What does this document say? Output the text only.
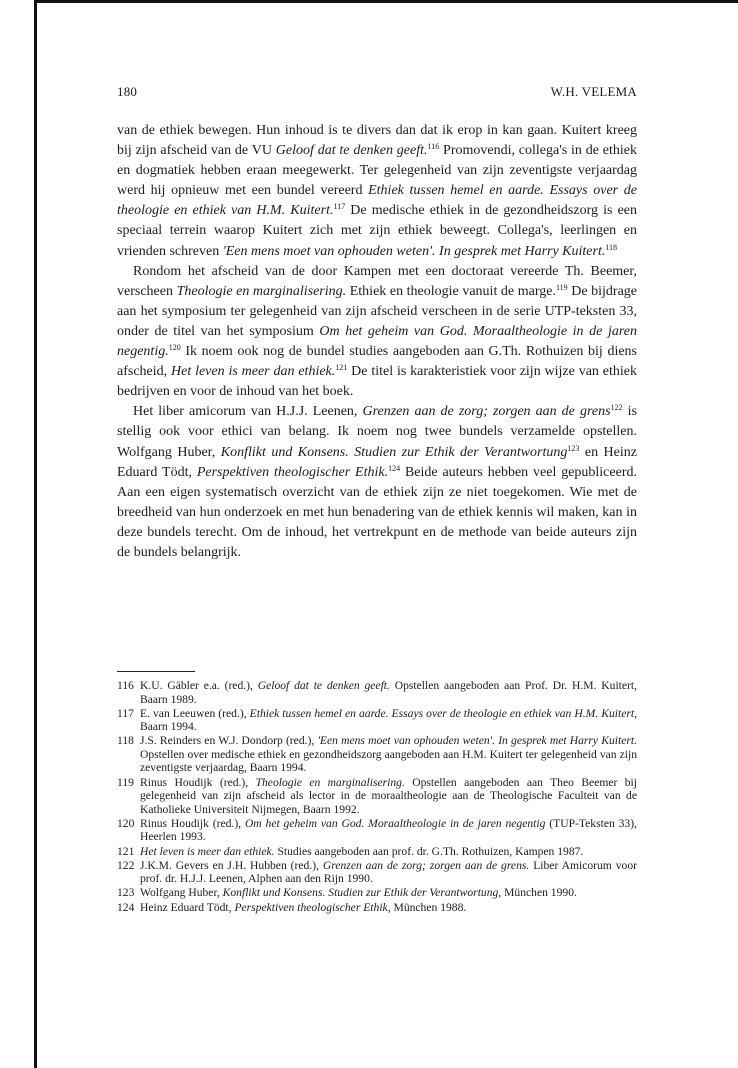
180	W.H. VELEMA

van de ethiek bewegen. Hun inhoud is te divers dan dat ik erop in kan gaan. Kuitert kreeg bij zijn afscheid van de VU Geloof dat te denken geeft.$^{116}$ Promovendi, collega's in de ethiek en dogmatiek hebben eraan meegewerkt. Ter gelegenheid van zijn zeventigste verjaardag werd hij opnieuw met een bundel vereerd Ethiek tussen hemel en aarde. Essays over de theologie en ethiek van H.M. Kuitert.$^{117}$ De medische ethiek in de gezondheidszorg is een speciaal terrein waarop Kuitert zich met zijn ethiek beweegt. Collega's, leerlingen en vrienden schreven 'Een mens moet van ophouden weten'. In gesprek met Harry Kuitert.$^{118}$

Rondom het afscheid van de door Kampen met een doctoraat vereerde Th. Beemer, verscheen Theologie en marginalisering. Ethiek en theologie vanuit de marge.$^{119}$ De bijdrage aan het symposium ter gelegenheid van zijn afscheid verscheen in de serie UTP-teksten 33, onder de titel van het symposium Om het geheim van God. Moraaltheologie in de jaren negentig.$^{120}$ Ik noem ook nog de bundel studies aangeboden aan G.Th. Rothuizen bij diens afscheid, Het leven is meer dan ethiek.$^{121}$ De titel is karakteristiek voor zijn wijze van ethiek bedrijven en voor de inhoud van het boek.

Het liber amicorum van H.J.J. Leenen, Grenzen aan de zorg; zorgen aan de grens$^{122}$ is stellig ook voor ethici van belang. Ik noem nog twee bundels verzamelde opstellen. Wolfgang Huber, Konflikt und Konsens. Studien zur Ethik der Verantwortung$^{123}$ en Heinz Eduard Tödt, Perspektiven theologischer Ethik.$^{124}$ Beide auteurs hebben veel gepubliceerd. Aan een eigen systematisch overzicht van de ethiek zijn ze niet toegekomen. Wie met de breedheid van hun onderzoek en met hun benadering van de ethiek kennis wil maken, kan in deze bundels terecht. Om de inhoud, het vertrekpunt en de methode van beide auteurs zijn de bundels belangrijk.

116 K.U. Gäbler e.a. (red.), Geloof dat te denken geeft. Opstellen aangeboden aan Prof. Dr. H.M. Kuitert, Baarn 1989.

117 E. van Leeuwen (red.), Ethiek tussen hemel en aarde. Essays over de theologie en ethiek van H.M. Kuitert, Baarn 1994.

118 J.S. Reinders en W.J. Dondorp (red.), 'Een mens moet van ophouden weten'. In gesprek met Harry Kuitert. Opstellen over medische ethiek en gezondheidszorg aangeboden aan H.M. Kuitert ter gelegenheid van zijn zeventigste verjaardag, Baarn 1994.

119 Rinus Houdijk (red.), Theologie en marginalisering. Opstellen aangeboden aan Theo Beemer bij gelegenheid van zijn afscheid als lector in de moraaltheologie aan de Theologische Faculteit van de Katholieke Universiteit Nijmegen, Baarn 1992.

120 Rinus Houdijk (red.), Om het geheim van God. Moraaltheologie in de jaren negentig (TUP-Teksten 33), Heerlen 1993.

121 Het leven is meer dan ethiek. Studies aangeboden aan prof. dr. G.Th. Rothuizen, Kampen 1987.

122 J.K.M. Gevers en J.H. Hubben (red.), Grenzen aan de zorg; zorgen aan de grens. Liber Amicorum voor prof. dr. H.J.J. Leenen, Alphen aan den Rijn 1990.

123 Wolfgang Huber, Konflikt und Konsens. Studien zur Ethik der Verantwortung, München 1990.

124 Heinz Eduard Tödt, Perspektiven theologischer Ethik, München 1988.
